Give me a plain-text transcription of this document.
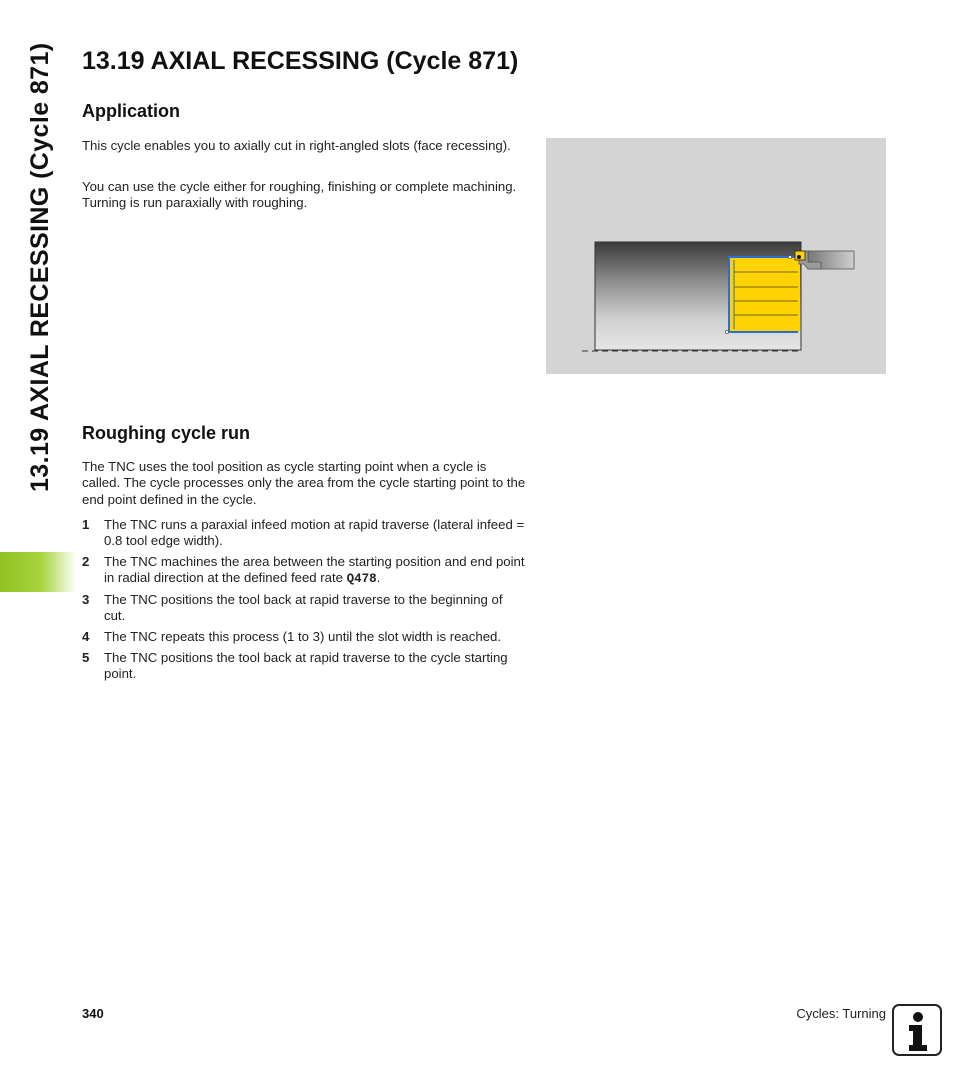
13.19 AXIAL RECESSING (Cycle 871) 13.19 AXIAL RECESSING (Cycle 871)
Application

This cycle enables you to axially cut in right-angled slots (face recessing).

You can use the cycle either for roughing, finishing or complete machining. Turning is run paraxially with roughing.

Roughing cycle run

The TNC uses the tool position as cycle starting point when a cycle is called. The cycle processes only the area from the cycle starting point to the end point defined in the cycle.

1 The TNC runs a paraxial infeed motion at rapid traverse (lateral infeed = 0.8 tool edge width).
2 The TNC machines the area between the starting position and end point in radial direction at the defined feed rate Q478.
3 The TNC positions the tool back at rapid traverse to the beginning of cut.
4 The TNC repeats this process (1 to 3) until the slot width is reached.
5 The TNC positions the tool back at rapid traverse to the cycle starting point.
340	Cycles: Turning
